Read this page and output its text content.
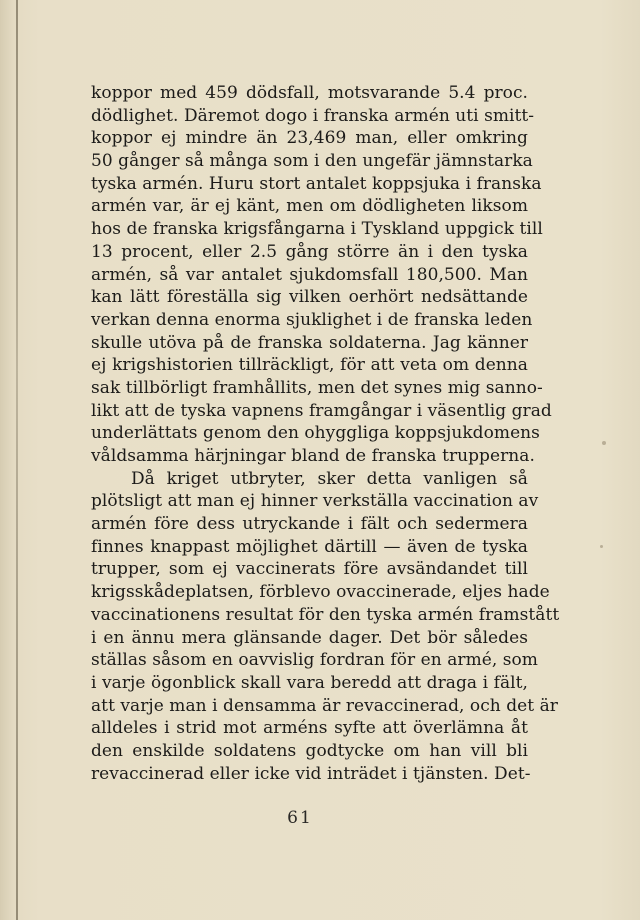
koppor med 459 dödsfall, motsvarande 5.4 proc.
dödlighet. Däremot dogo i franska armén uti smitt-
koppor ej mindre än 23,469 man, eller omkring
50 gånger så många som i den ungefär jämnstarka
tyska armén. Huru stort antalet koppsjuka i franska
armén var, är ej känt, men om dödligheten liksom
hos de franska krigsfångarna i Tyskland uppgick till
13 procent, eller 2.5 gång större än i den tyska
armén, så var antalet sjukdomsfall 180,500. Man
kan lätt föreställa sig vilken oerhört nedsättande
verkan denna enorma sjuklighet i de franska leden
skulle utöva på de franska soldaterna. Jag känner
ej krigshistorien tillräckligt, för att veta om denna
sak tillbörligt framhållits, men det synes mig sanno-
likt att de tyska vapnens framgångar i väsentlig grad
underlättats genom den ohyggliga koppsjukdomens
våldsamma härjningar bland de franska trupperna.
Då kriget utbryter, sker detta vanligen så
plötsligt att man ej hinner verkställa vaccination av
armén före dess utryckande i fält och sedermera
finnes knappast möjlighet därtill — även de tyska
trupper, som ej vaccinerats före avsändandet till
krigsskådeplatsen, förblevo ovaccinerade, eljes hade
vaccinationens resultat för den tyska armén framstått
i en ännu mera glänsande dager. Det bör således
ställas såsom en oavvislig fordran för en armé, som
i varje ögonblick skall vara beredd att draga i fält,
att varje man i densamma är revaccinerad, och det är
alldeles i strid mot arméns syfte att överlämna åt
den enskilde soldatens godtycke om han vill bli
revaccinerad eller icke vid inträdet i tjänsten. Det-
61
